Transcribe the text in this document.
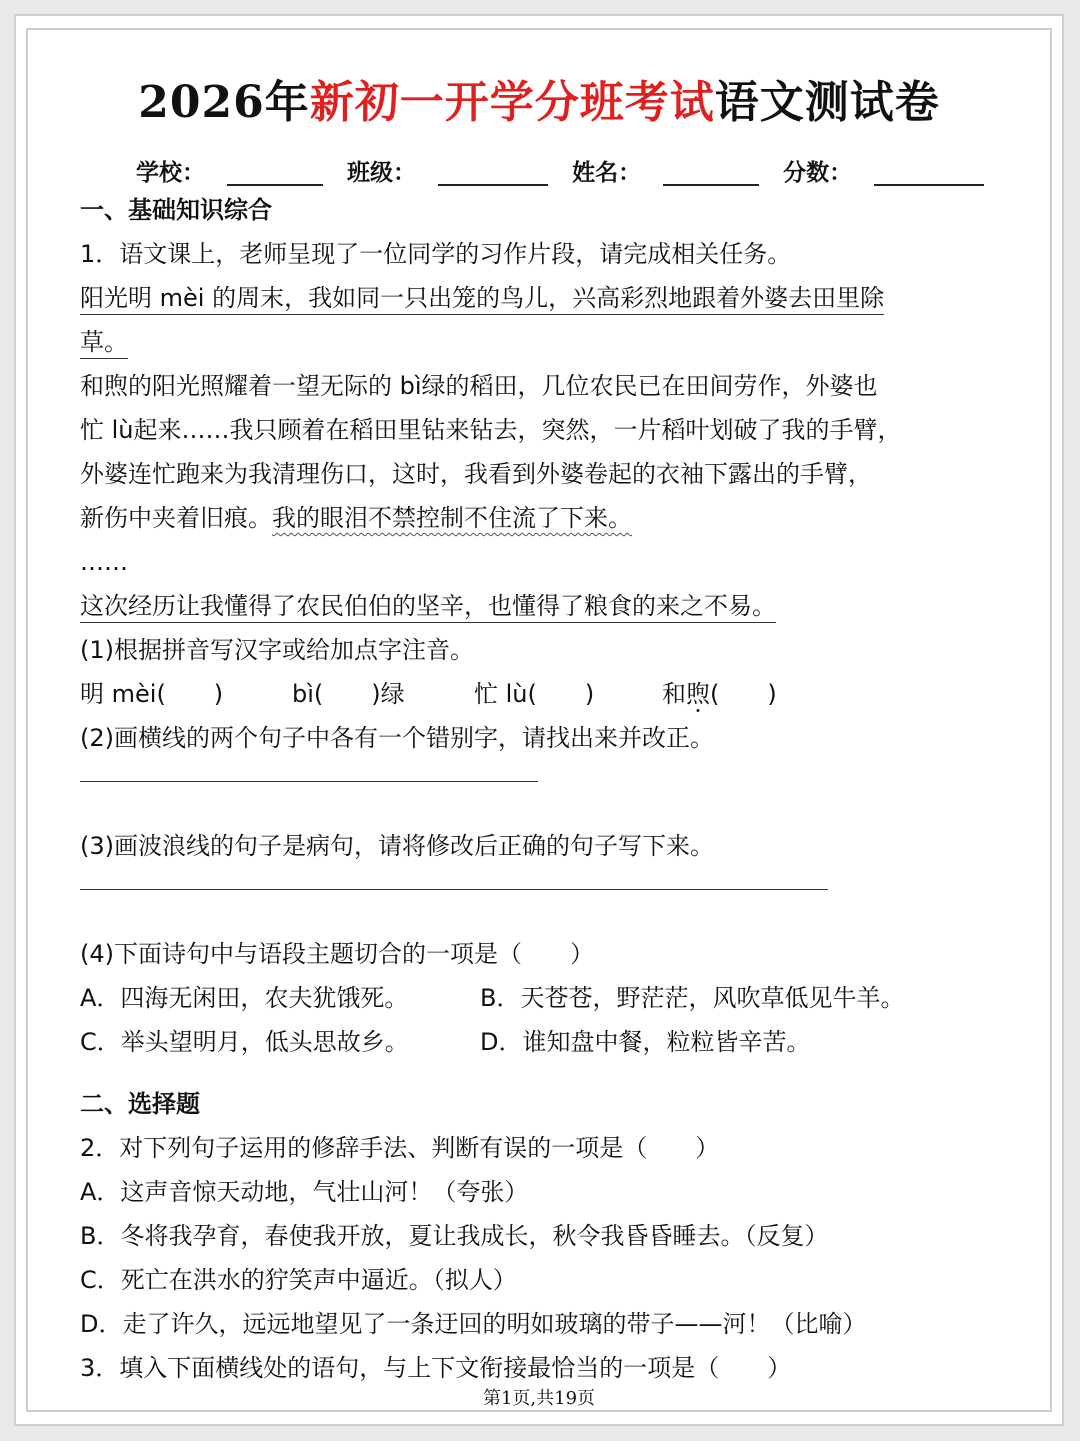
2026年新初一开学分班考试语文测试卷
学校：	班级：	姓名：	分数：
一、基础知识综合
1．语文课上，老师呈现了一位同学的习作片段，请完成相关任务。
阳光明 mèi 的周末，我如同一只出笼的鸟儿，兴高彩烈地跟着外婆去田里除
草。
和煦的阳光照耀着一望无际的 bì绿的稻田，几位农民已在田间劳作，外婆也
忙 lù起来……我只顾着在稻田里钻来钻去，突然，一片稻叶划破了我的手臂，
外婆连忙跑来为我清理伤口，这时，我看到外婆卷起的衣袖下露出的手臂，
新伤中夹着旧痕。我的眼泪不禁控制不住流了下来。
……
这次经历让我懂得了农民伯伯的坚辛，也懂得了粮食的来之不易。
(1)根据拼音写汉字或给加点字注音。
明 mèi(　　)	bì(　　)绿	忙 lù(　　)	和煦(　　)
(2)画横线的两个句子中各有一个错别字，请找出来并改正。
(3)画波浪线的句子是病句，请将修改后正确的句子写下来。
(4)下面诗句中与语段主题切合的一项是（　　）
A．四海无闲田，农夫犹饿死。	B．天苍苍，野茫茫，风吹草低见牛羊。
C．举头望明月，低头思故乡。	D．谁知盘中餐，粒粒皆辛苦。
二、选择题
2．对下列句子运用的修辞手法、判断有误的一项是（　　）
A．这声音惊天动地，气壮山河！（夸张）
B．冬将我孕育，春使我开放，夏让我成长，秋令我昏昏睡去。（反复）
C．死亡在洪水的狞笑声中逼近。（拟人）
D．走了许久，远远地望见了一条迂回的明如玻璃的带子——河！（比喻）
3．填入下面横线处的语句，与上下文衔接最恰当的一项是（　　）
第1页,共19页
